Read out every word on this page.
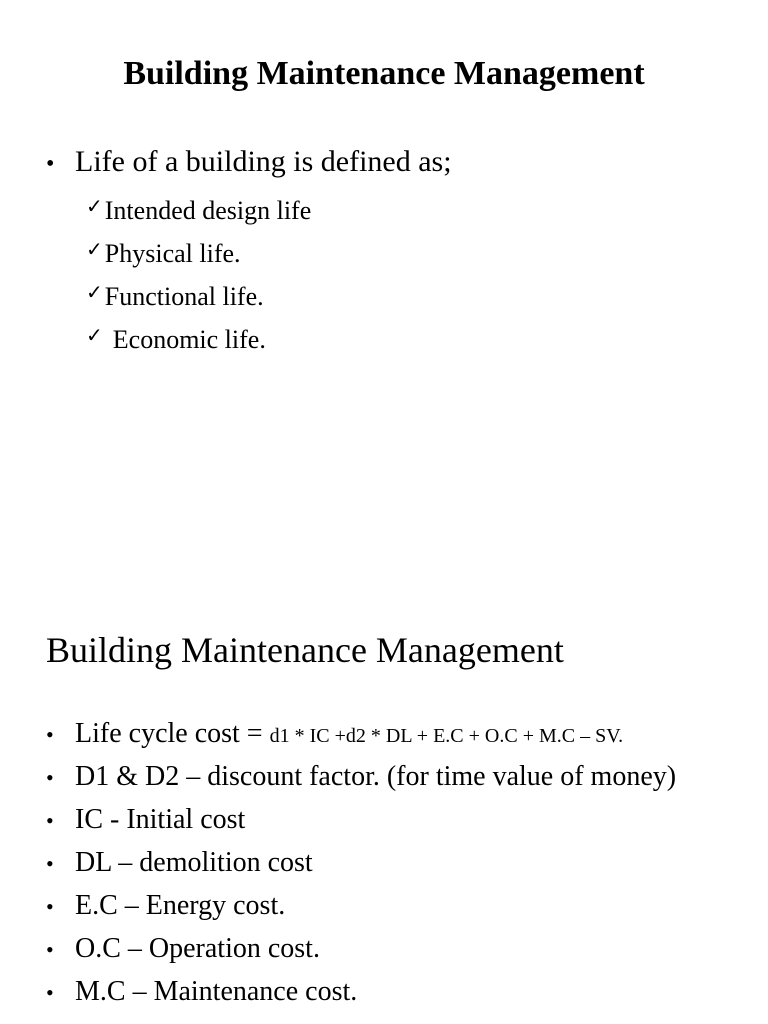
Building Maintenance Management
• Life of a building is defined as;
✓Intended design life
✓Physical life.
✓Functional life.
✓ Economic life.
Building Maintenance Management
• Life cycle cost = d1 * IC +d2 * DL + E.C + O.C + M.C – SV.
• D1 & D2 – discount factor. (for time value of money)
• IC - Initial cost
• DL – demolition cost
• E.C – Energy cost.
• O.C – Operation cost.
• M.C – Maintenance cost.
